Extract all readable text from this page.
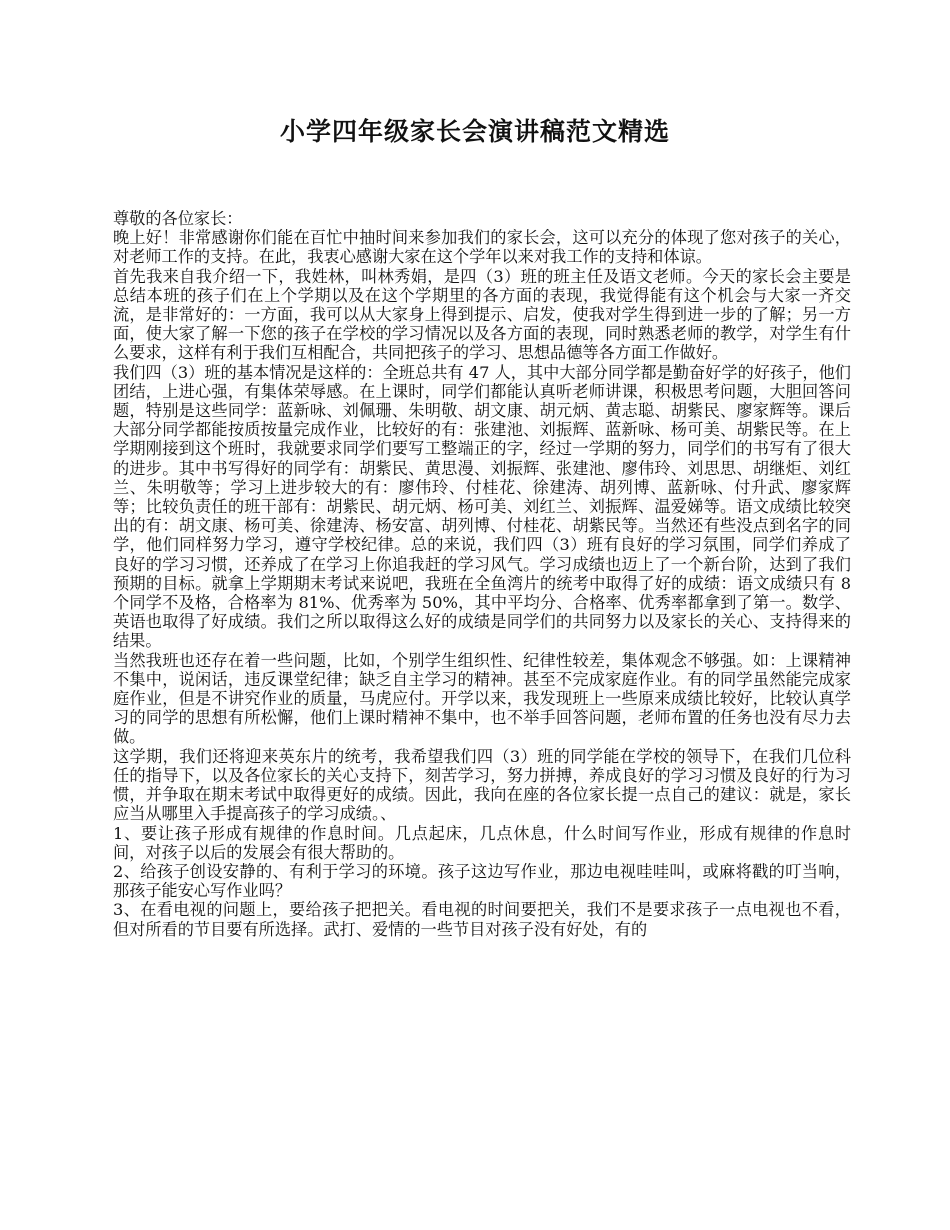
小学四年级家长会演讲稿范文精选

尊敬的各位家长：

晚上好！非常感谢你们能在百忙中抽时间来参加我们的家长会，这可以充分的体现了您对孩子的关心，对老师工作的支持。在此，我衷心感谢大家在这个学年以来对我工作的支持和体谅。

首先我来自我介绍一下，我姓林，叫林秀娟，是四（3）班的班主任及语文老师。今天的家长会主要是总结本班的孩子们在上个学期以及在这个学期里的各方面的表现，我觉得能有这个机会与大家一齐交流，是非常好的：一方面，我可以从大家身上得到提示、启发，使我对学生得到进一步的了解；另一方面，使大家了解一下您的孩子在学校的学习情况以及各方面的表现，同时熟悉老师的教学，对学生有什么要求，这样有利于我们互相配合，共同把孩子的学习、思想品德等各方面工作做好。

我们四（3）班的基本情况是这样的：全班总共有 47 人，其中大部分同学都是勤奋好学的好孩子，他们团结，上进心强，有集体荣辱感。在上课时，同学们都能认真听老师讲课，积极思考问题，大胆回答问题，特别是这些同学：蓝新咏、刘佩珊、朱明敬、胡文康、胡元炳、黄志聪、胡紫民、廖家辉等。课后大部分同学都能按质按量完成作业，比较好的有：张建池、刘振辉、蓝新咏、杨可美、胡紫民等。在上学期刚接到这个班时，我就要求同学们要写工整端正的字，经过一学期的努力，同学们的书写有了很大的进步。其中书写得好的同学有：胡紫民、黄思漫、刘振辉、张建池、廖伟玲、刘思思、胡继炬、刘红兰、朱明敬等；学习上进步较大的有：廖伟玲、付桂花、徐建涛、胡列博、蓝新咏、付升武、廖家辉等；比较负责任的班干部有：胡紫民、胡元炳、杨可美、刘红兰、刘振辉、温爱娣等。语文成绩比较突出的有：胡文康、杨可美、徐建涛、杨安富、胡列博、付桂花、胡紫民等。当然还有些没点到名字的同学，他们同样努力学习，遵守学校纪律。总的来说，我们四（3）班有良好的学习氛围，同学们养成了良好的学习习惯，还养成了在学习上你追我赶的学习风气。学习成绩也迈上了一个新台阶，达到了我们预期的目标。就拿上学期期末考试来说吧，我班在全鱼湾片的统考中取得了好的成绩：语文成绩只有 8 个同学不及格，合格率为 81%、优秀率为 50%，其中平均分、合格率、优秀率都拿到了第一。数学、英语也取得了好成绩。我们之所以取得这么好的成绩是同学们的共同努力以及家长的关心、支持得来的结果。

当然我班也还存在着一些问题，比如，个别学生组织性、纪律性较差，集体观念不够强。如：上课精神不集中，说闲话，违反课堂纪律；缺乏自主学习的精神。甚至不完成家庭作业。有的同学虽然能完成家庭作业，但是不讲究作业的质量，马虎应付。开学以来，我发现班上一些原来成绩比较好，比较认真学习的同学的思想有所松懈，他们上课时精神不集中，也不举手回答问题，老师布置的任务也没有尽力去做。

这学期，我们还将迎来英东片的统考，我希望我们四（3）班的同学能在学校的领导下，在我们几位科任的指导下，以及各位家长的关心支持下，刻苦学习，努力拼搏，养成良好的学习习惯及良好的行为习惯，并争取在期末考试中取得更好的成绩。因此，我向在座的各位家长提一点自己的建议：就是，家长应当从哪里入手提高孩子的学习成绩。、

1、要让孩子形成有规律的作息时间。几点起床，几点休息，什么时间写作业，形成有规律的作息时间，对孩子以后的发展会有很大帮助的。

2、给孩子创设安静的、有利于学习的环境。孩子这边写作业，那边电视哇哇叫，或麻将戳的叮当响，那孩子能安心写作业吗？

3、在看电视的问题上，要给孩子把把关。看电视的时间要把关，我们不是要求孩子一点电视也不看，但对所看的节目要有所选择。武打、爱情的一些节目对孩子没有好处，有的
